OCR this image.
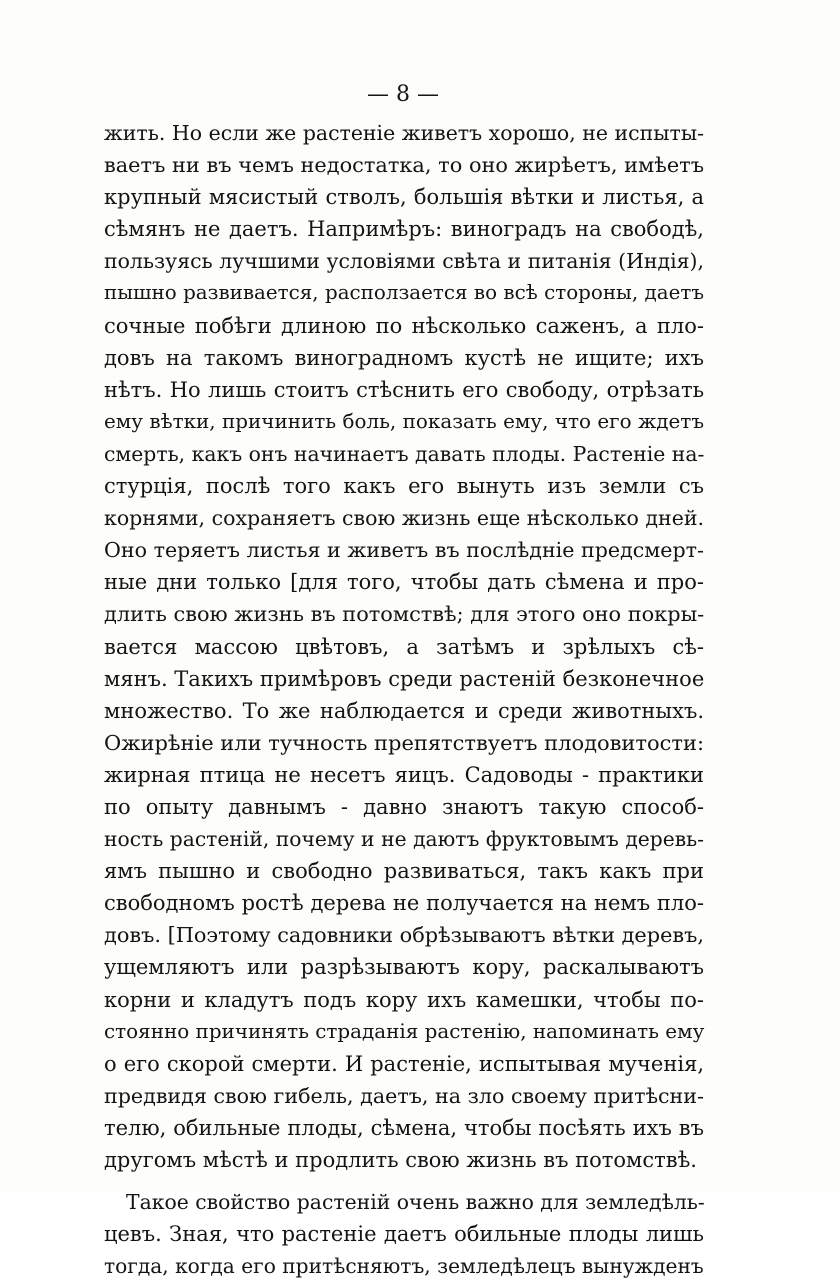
— 8 —
жить. Но если же растеніе живетъ хорошо, не испыты-
ваетъ ни въ чемъ недостатка, то оно жирѣетъ, имѣетъ
крупный мясистый стволъ, большія вѣтки и листья, а
сѣмянъ не даетъ. Напримѣръ: виноградъ на свободѣ,
пользуясь лучшими условіями свѣта и питанія (Индія),
пышно развивается, расползается во всѣ стороны, даетъ
сочные побѣги длиною по нѣсколько саженъ, а пло-
довъ на такомъ виноградномъ кустѣ не ищите; ихъ
нѣтъ. Но лишь стоитъ стѣснить его свободу, отрѣзать
ему вѣтки, причинить боль, показать ему, что его ждетъ
смерть, какъ онъ начинаетъ давать плоды. Растеніе на-
стурція, послѣ того какъ его вынуть изъ земли съ
корнями, сохраняетъ свою жизнь еще нѣсколько дней.
Оно теряетъ листья и живетъ въ послѣдніе предсмерт-
ные дни только [для того, чтобы дать сѣмена и про-
длить свою жизнь въ потомствѣ; для этого оно покры-
вается массою цвѣтовъ, а затѣмъ и зрѣлыхъ сѣ-
мянъ. Такихъ примѣровъ среди растеній безконечное
множество. То же наблюдается и среди животныхъ.
Ожирѣніе или тучность препятствуетъ плодовитости:
жирная птица не несетъ яицъ. Садоводы - практики
по опыту давнымъ - давно знаютъ такую способ-
ность растеній, почему и не даютъ фруктовымъ деревь-
ямъ пышно и свободно развиваться, такъ какъ при
свободномъ ростѣ дерева не получается на немъ пло-
довъ. [Поэтому садовники обрѣзываютъ вѣтки деревъ,
ущемляютъ или разрѣзываютъ кору, раскалываютъ
корни и кладутъ подъ кору ихъ камешки, чтобы по-
стоянно причинять страданія растенію, напоминать ему
о его скорой смерти. И растеніе, испытывая мученія,
предвидя свою гибель, даетъ, на зло своему притѣсни-
телю, обильные плоды, сѣмена, чтобы посѣять ихъ въ
другомъ мѣстѣ и продлить свою жизнь въ потомствѣ.
Такое свойство растеній очень важно для земледѣль-
цевъ. Зная, что растеніе даетъ обильные плоды лишь
тогда, когда его притѣсняютъ, земледѣлецъ вынужденъ
